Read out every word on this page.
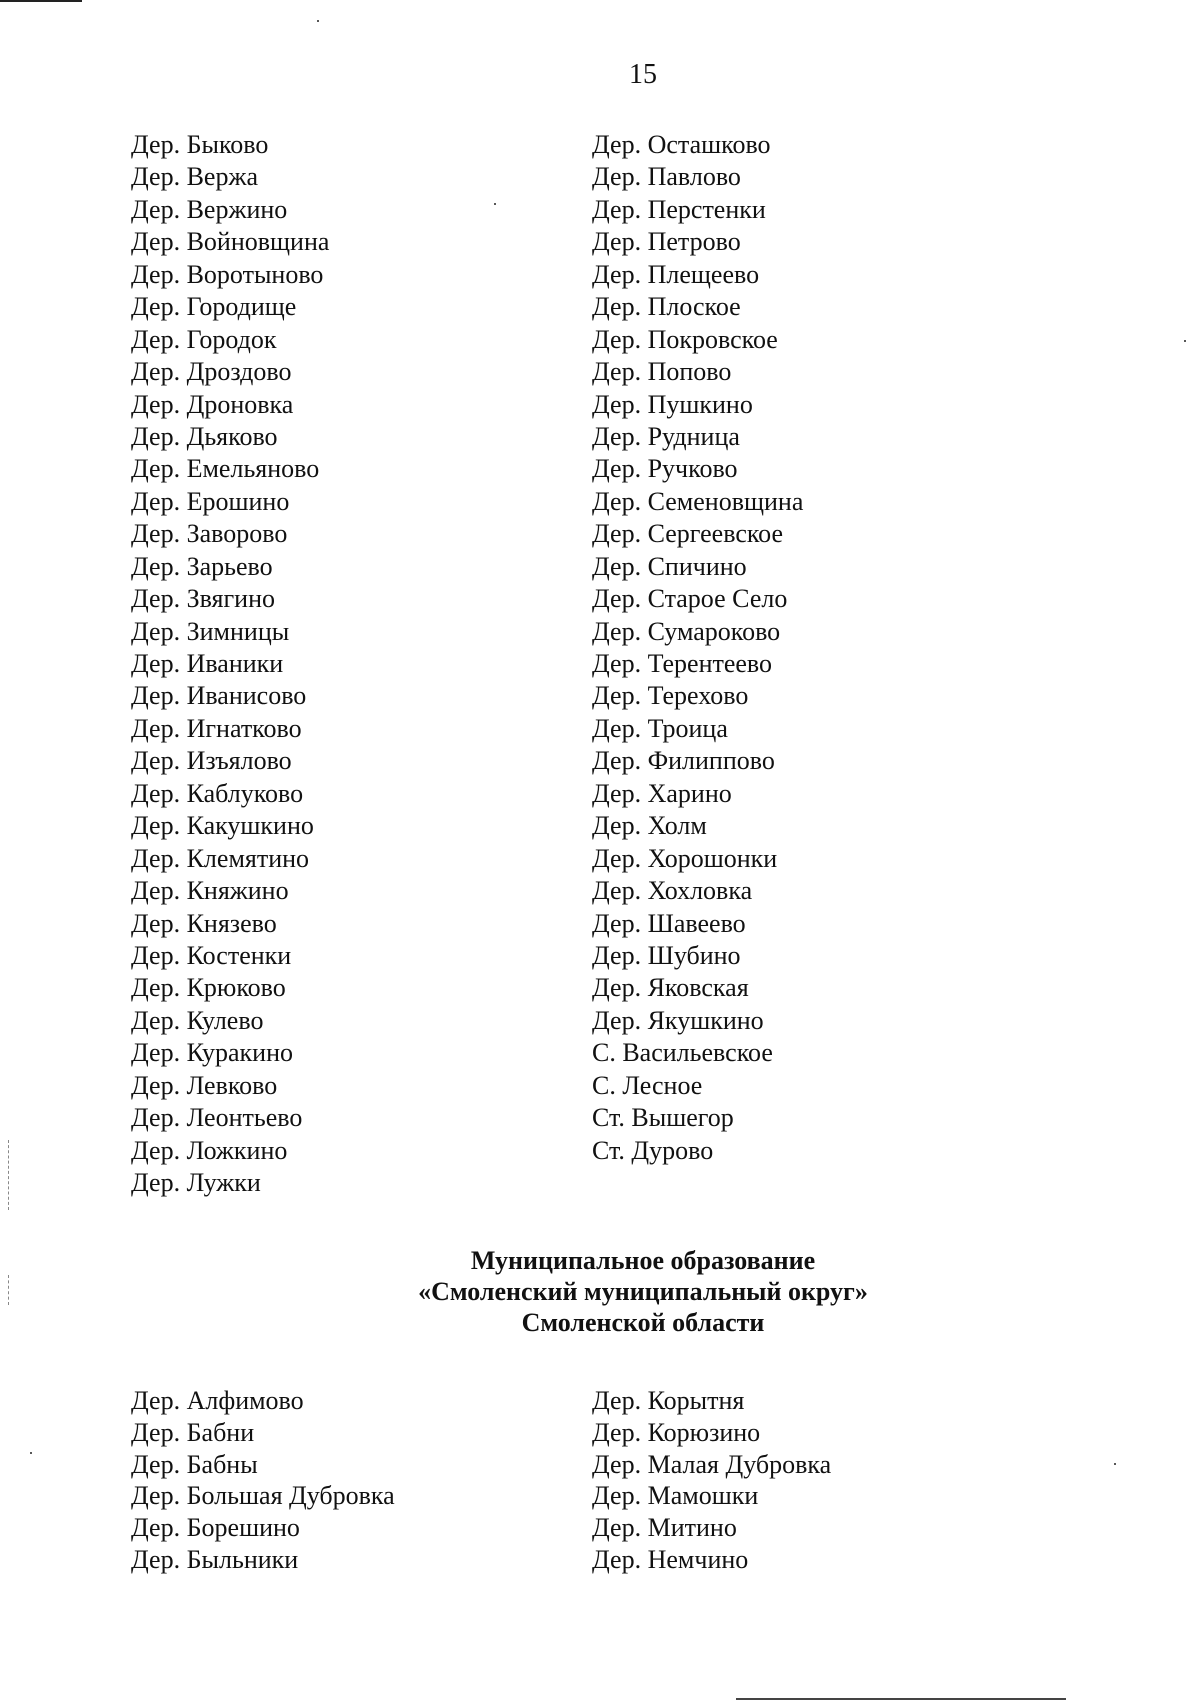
15
Дер. Быково
Дер. Вержа
Дер. Вержино
Дер. Войновщина
Дер. Воротыново
Дер. Городище
Дер. Городок
Дер. Дроздово
Дер. Дроновка
Дер. Дьяково
Дер. Емельяново
Дер. Ерошино
Дер. Заворово
Дер. Зарьево
Дер. Звягино
Дер. Зимницы
Дер. Иваники
Дер. Иванисово
Дер. Игнатково
Дер. Изъялово
Дер. Каблуково
Дер. Какушкино
Дер. Клемятино
Дер. Княжино
Дер. Князево
Дер. Костенки
Дер. Крюково
Дер. Кулево
Дер. Куракино
Дер. Левково
Дер. Леонтьево
Дер. Ложкино
Дер. Лужки
Дер. Осташково
Дер. Павлово
Дер. Перстенки
Дер. Петрово
Дер. Плещеево
Дер. Плоское
Дер. Покровское
Дер. Попово
Дер. Пушкино
Дер. Рудница
Дер. Ручково
Дер. Семеновщина
Дер. Сергеевское
Дер. Спичино
Дер. Старое Село
Дер. Сумароково
Дер. Терентеево
Дер. Терехово
Дер. Троица
Дер. Филиппово
Дер. Харино
Дер. Холм
Дер. Хорошонки
Дер. Хохловка
Дер. Шавеево
Дер. Шубино
Дер. Яковская
Дер. Якушкино
С. Васильевское
С. Лесное
Ст. Вышегор
Ст. Дурово
Муниципальное образование
«Смоленский муниципальный округ»
Смоленской области
Дер. Алфимово
Дер. Бабни
Дер. Бабны
Дер. Большая Дубровка
Дер. Борешино
Дер. Быльники
Дер. Корытня
Дер. Корюзино
Дер. Малая Дубровка
Дер. Мамошки
Дер. Митино
Дер. Немчино
